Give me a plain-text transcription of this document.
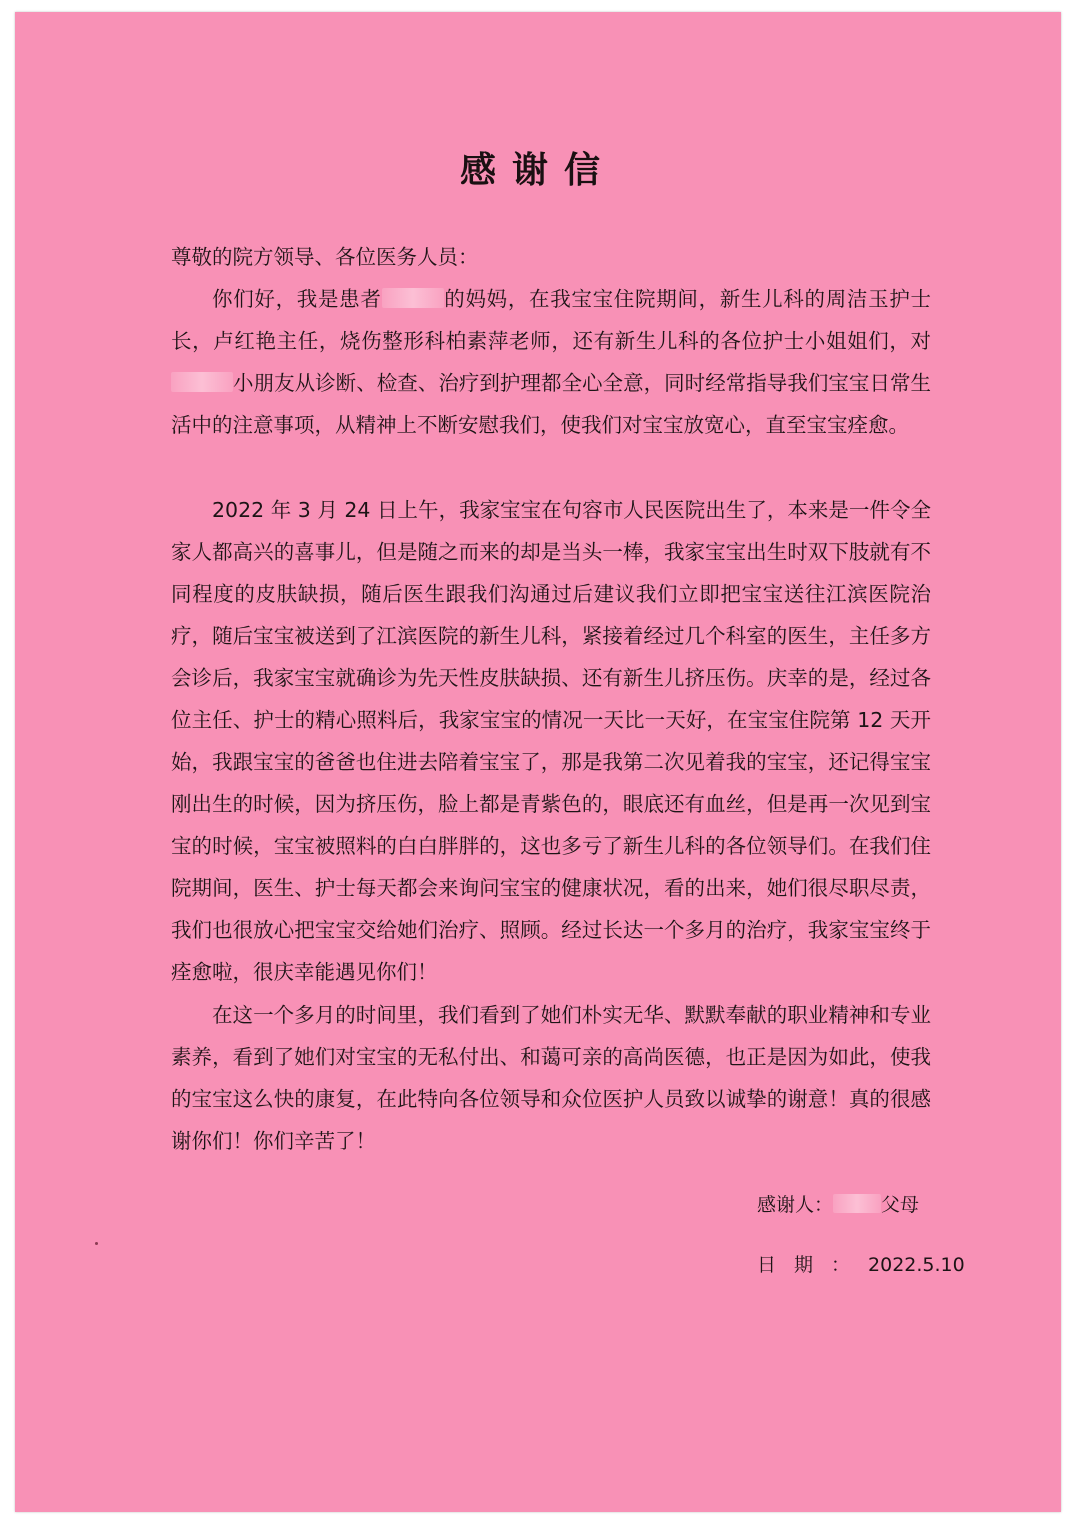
感谢信
尊敬的院方领导、各位医务人员：

你们好，我是患者	的妈妈，在我宝宝住院期间，新生儿科的周洁玉护士长，卢红艳主任，烧伤整形科柏素萍老师，还有新生儿科的各位护士小姐姐们，对小朋友从诊断、检查、治疗到护理都全心全意，同时经常指导我们宝宝日常生活中的注意事项，从精神上不断安慰我们，使我们对宝宝放宽心，直至宝宝痊愈。

2022 年 3 月 24 日上午，我家宝宝在句容市人民医院出生了，本来是一件令全家人都高兴的喜事儿，但是随之而来的却是当头一棒，我家宝宝出生时双下肢就有不同程度的皮肤缺损，随后医生跟我们沟通过后建议我们立即把宝宝送往江滨医院治疗，随后宝宝被送到了江滨医院的新生儿科，紧接着经过几个科室的医生，主任多方会诊后，我家宝宝就确诊为先天性皮肤缺损、还有新生儿挤压伤。庆幸的是，经过各位主任、护士的精心照料后，我家宝宝的情况一天比一天好，在宝宝住院第 12 天开始，我跟宝宝的爸爸也住进去陪着宝宝了，那是我第二次见着我的宝宝，还记得宝宝刚出生的时候，因为挤压伤，脸上都是青紫色的，眼底还有血丝，但是再一次见到宝宝的时候，宝宝被照料的白白胖胖的，这也多亏了新生儿科的各位领导们。在我们住院期间，医生、护士每天都会来询问宝宝的健康状况，看的出来，她们很尽职尽责，我们也很放心把宝宝交给她们治疗、照顾。经过长达一个多月的治疗，我家宝宝终于痊愈啦，很庆幸能遇见你们！

在这一个多月的时间里，我们看到了她们朴实无华、默默奉献的职业精神和专业素养，看到了她们对宝宝的无私付出、和蔼可亲的高尚医德，也正是因为如此，使我的宝宝这么快的康复，在此特向各位领导和众位医护人员致以诚挚的谢意！真的很感谢你们！你们辛苦了！

感谢人：	父母
日期：2022.5.10
